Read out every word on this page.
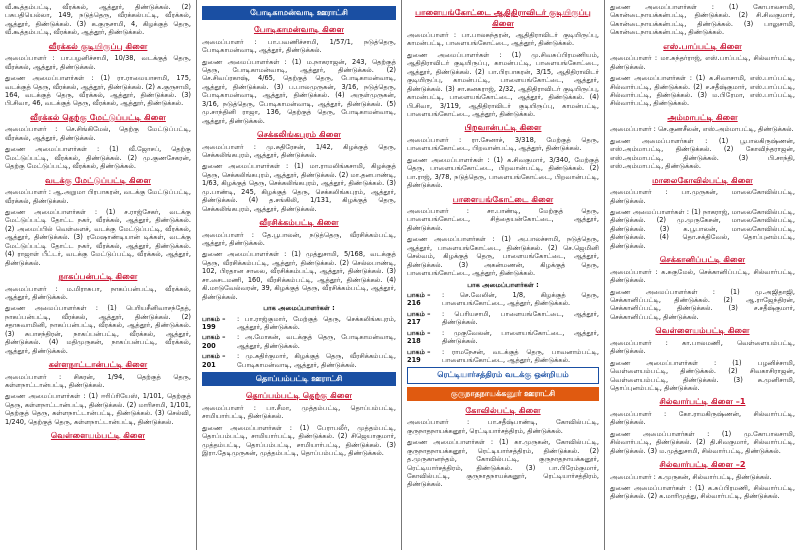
வீ.கூத்தம்பட்டி, வீரக்கல், ஆத்தூர், திண்டுக்கல். (2) பசுபதியெல்லா, 149, நடுத்தெரு, வீரக்கல்பட்டி, வீரக்கல், ஆத்தூர், திண்டுக்கல். (3) க.குருசாமி, 4, கிழக்குத் தெரு, வீ.கூத்தம்பட்டி, வீரக்கல், ஆத்தூர், திண்டுக்கல்.
வீரக்கல் குடியிருப்பு கிளை
அமைப்பாளர் : பா.பழனிச்சாமி, 10/38, வடக்குத் தெரு, வீரக்கல், ஆத்தூர், திண்டுக்கல்.
துணை அமைப்பாளர்கள் : (1) ரா.ராமையாசாமி, 175, வடக்குத் தெரு, வீரக்கல், ஆத்தூர், திண்டுக்கல். (2) க.குருசாமி, 164, வடக்குத் தெரு, வீரக்கல், ஆத்தூர், திண்டுக்கல். (3) பி.சிவா, 46, வடக்குத் தெரு, வீரக்கல், ஆத்தூர், திண்டுக்கல்.
வீரக்கல் தெற்கு மேட்டுப்பட்டி கிளை
அமைப்பாளர் : செ.சிங்கிமேல், தெற்கு மேட்டுப்பட்டி, வீரக்கல், ஆத்தூர், திண்டுக்கல்.
துணை அமைப்பாளர்கள் : (1) வீ.ஜோசப், தெற்கு மேட்டுப்பட்டி, வீரக்கல், திண்டுக்கல். (2) மு.குணசேகரன், தெற்கு மேட்டுப்பட்டி, வீரக்கல், திண்டுக்கல்.
வடக்கு மேட்டுப்பட்டி கிளை
அமைப்பாளர் : ஆ.அறுமா பிரபாகரன், வடக்கு மேட்டுப்பட்டி, வீரக்கல், திண்டுக்கல்.
துணை அமைப்பாளர்கள் : (1) ச.ராஜ்சேகர், வடக்கு மேட்டுப்பட்டி தோட்ட நகர், வீரக்கல், ஆத்தூர், திண்டுக்கல். (2) அமைப்பில் வெள்ளைச், வடக்கு மேட்டுப்பட்டி, வீரக்கல், ஆத்தூர், திண்டுக்கல். (3) ரமேஷாண்டியான் டிக்கள், வடக்கு மேட்டுப்பட்டி தோட்ட நகர், வீரக்கல், ஆத்தூர், திண்டுக்கல். (4) ராஜாள் பீட்டர், வடக்கு மேட்டுப்பட்டி, வீரக்கல், ஆத்தூர், திண்டுக்கல்.
நாகப்பன்பட்டி கிளை
அமைப்பாளர் : ம.மிராசுபா, நாகப்பன்பட்டி, வீரக்கல், ஆத்தூர், திண்டுக்கல்.
துணை அமைப்பாளர்கள் : (1) பெரியசீனிவாசந்தேத், நாகப்பன்பட்டி, வீரக்கல், ஆத்தூர், திண்டுக்கல். (2) சதாசுவாமினி, நாகப்பன்பட்டி, வீரக்கல், ஆத்தூர், திண்டுக்கல். (3) சுபாசந்திரன், நாகப்பன்பட்டி, வீரக்கல், ஆத்தூர், திண்டுக்கல். (4) மதிமுருகன், நாகப்பன்பட்டி, வீரக்கல், ஆத்தூர், திண்டுக்கல்.
கள்ளநாட்டான்பட்டி கிளை
அமைப்பாளர் : சிகரன், 1/94, தெற்குத் தெரு, கள்ளநாட்டான்பட்டி, திண்டுக்கல்.
துணை அமைப்பாளர்கள் : (1) ஈரிப்ரியேஸ், 1/101, தெற்குத் தெரு, கள்ளநாட்டான்பட்டி, திண்டுக்கல். (2) மாரிசாமி, 1/101, தெற்குத் தெரு, கள்ளநாட்டான்பட்டி, திண்டுக்கல். (3) செல்வி, 1/240, தெற்குத் தெரு, கள்ளநாட்டான்பட்டி, திண்டுக்கல்.
வெள்ளையம்பட்டி கிளை
போடிகாமன்வாடி ஊராட்சி
போடிகாமன்வாடி கிளை
அமைப்பாளர் : பா.பவணிச்சாமி, 1/57/1, நடுத்தெரு, போடிகாமன்வாடி, ஆத்தூர், திண்டுக்கல்.
துணை அமைப்பாளர்கள் : (1) ம.நாகராஜன், 243, தெற்குத் தெரு, போடிகாமன்வாடி, ஆத்தூர், திண்டுக்கல். (2) செ.சிவப்ரகாஷ், 4/65, தெற்குத் தெரு, போடிகாமன்வாடி, ஆத்தூர், திண்டுக்கல். (3) ப.பாலமுருகன், 3/16, நடுத்தெரு, போடிகாமன்வாடி, ஆத்தூர், திண்டுக்கல். (4) அருள்முருகன், 3/16, நடுத்தெரு, போடிகாமன்வாடி, ஆத்தூர், திண்டுக்கல். (5) மு.சாந்தினி ராஜா, 136, தெற்குத் தெரு, போடிகாமன்வாடி, ஆத்தூர், திண்டுக்கல்.
செக்கலிங்கபுரம் கிளை
அமைப்பாளர் : மு.சுதிரேசன், 1/42, கிழக்குத் தெரு, செக்கலிங்கபுரம், ஆத்தூர், திண்டுக்கல்.
துணை அமைப்பாளர்கள் : (1) மா.ராமலிங்கசாமி, கிழக்குத் தெரு, செக்கலிங்கபுரம், ஆத்தூர், திண்டுக்கல். (2) மா.தனபாண்டி, 1/63, கிழக்குத் தெரு, செக்கலிங்கபுரம், ஆத்தூர், திண்டுக்கல். (3) மு.பாண்டி, 245, கிழக்குத் தெரு, செக்கலிங்கபுரம், ஆத்தூர், திண்டுக்கல். (4) த.சங்கிலி, 1/131, கிழக்குத் தெரு, செக்கலிங்கபுரம், ஆத்தூர், திண்டுக்கல்.
வீரசிக்கம்பட்டி கிளை
அமைப்பாளர் : தே.பூபாலன், நடுத்தெரு, வீரசிக்கம்பட்டி, ஆத்தூர், திண்டுக்கல்.
துணை அமைப்பாளர்கள் : (1) முத்துசாமி, 5/168, வடக்குத் தெரு, வீரசிக்கம்பட்டி, ஆத்தூர், திண்டுக்கல். (2) செல்லபாண்டி, 102, பிரதான சாலை, வீரசிக்கம்பட்டி, ஆத்தூர், திண்டுக்கல். (3) சா.சைடமணி, 160, வீரசிக்கம்பட்டி, ஆத்தூர், திண்டுக்கல். (4) கி.மாடுவேல்வரன், 39, கிழக்குத் தெரு, வீரசிக்கம்பட்டி, ஆத்தூர், திண்டுக்கல்.
பாக அமைப்பாளர்கள் :
பாகம் – 199
: பா.ராஜ்குமார், மேற்குத் தெரு, செக்கலிங்கபுரம், ஆத்தூர், திண்டுக்கல்.
பாகம் – 200
: அ.மோகன், வடக்குத் தெரு, போடிகாமன்வாடி, ஆத்தூர், திண்டுக்கல்.
பாகம் – 201
: மு.சுதிர்குமார், கிழக்குத் தெரு, வீரசிக்கம்பட்டி, போடிகாமன்வாடி, ஆத்தூர், திண்டுக்கல்.
தொப்பம்பட்டி ஊராட்சி
தொப்பம்பட்டி தெற்கு கிளை
அமைப்பாளர் : பா.சீமா, முத்தம்பட்டி, தொப்பம்பட்டி, சாமியார்பட்டி, திண்டுக்கல்.
துணை அமைப்பாளர்கள் : (1) பேராபலீர், முத்தம்பட்டி, தொப்பம்பட்டி, சாமியார்பட்டி, திண்டுக்கல். (2) சிஜெயாகுமார், முத்தம்பட்டி, தொப்பம்பட்டி, சாமியார்பட்டி, திண்டுக்கல். (3) இரா.தேடிமுருகன், முத்தம்பட்டி, தொப்பம்பட்டி, திண்டுக்கல்.
பாளையங்கோட்டை ஆதிதிராவிடர் குடியிருப்பு கிளை
அமைப்பாளர் : பா.பாலசுந்தரன், ஆதிதிராவிடர் குடியிருப்பு, காமன்பட்டி, பாளையங்கோட்டை, ஆத்தூர், திண்டுக்கல்.
துணை அமைப்பாளர்கள் : (1) மு.சிவசுப்பிரமணியம், ஆதிதிராவிடர் குடியிருப்பு, காமன்பட்டி, பாளையங்கோட்டை, ஆத்தூர், திண்டுக்கல். (2) பா.பிரபாகரன், 3/15, ஆதிதிராவிடர் குடியிருப்பு, காமன்பட்டி, பாளையங்கோட்டை, ஆத்தூர், திண்டுக்கல். (3) சா.கனகராஜ், 2/32, ஆதிதிராவிடர் குடியிருப்பு, காமன்பட்டி, பாளையங்கோட்டை, ஆத்தூர், திண்டுக்கல். (4) பி.சிவா, 3/119, ஆதிதிராவிடர் குடியிருப்பு, காமன்பட்டி, பாளையங்கோட்டை, ஆத்தூர், திண்டுக்கல்.
பிறவான்பட்டி கிளை
அமைப்பாளர் : ரா.சேனாச், 3/318, மேற்குத் தெரு, பாளையங்கோட்டை, பிறவான்பட்டி, ஆத்தூர், திண்டுக்கல்.
துணை அமைப்பாளர்கள் : (1) க.சிவகுமார், 3/340, மேற்குத் தெரு, பாளையங்கோட்டை, பிறவான்பட்டி, திண்டுக்கல். (2) பா.ராஜ், 3/78, நடுத்தெரு, பாளையங்கோட்டை, பிறவான்பட்டி, திண்டுக்கல்.
பாளையங்கோட்டை கிளை
அமைப்பாளர் : சா.பாண்டி, மேற்குத் தெரு, பாளையங்கோட்டை, சித்தையன்கோட்டை, ஆத்தூர், திண்டுக்கல்.
துணை அமைப்பாளர்கள் : (1) அ.பாலச்சாமி, நடுத்தெரு, ஆத்தூர், பாளையங்கோட்டை, திண்டுக்கல். (2) செ.ஜெமினி செல்வம், கிழக்குத் தெரு, பாளையங்கோட்டை, ஆத்தூர், திண்டுக்கல். (3) அகன்மணன், கிழக்குத் தெரு, பாளையங்கோட்டை, ஆத்தூர், திண்டுக்கல்.
பாக அமைப்பாளர்கள் :
பாகம் – 216
: செ.வேலின், 1/8, கிழக்குத் தெரு, பாளையங்கோட்டை, ஆத்தூர், திண்டுக்கல்.
பாகம் – 217
: பெரியசாமி, பாளையங்கோட்டை, ஆத்தூர், திண்டுக்கல்.
பாகம் – 218
: முகுவேலன், பாளையங்கோட்டை, ஆத்தூர், திண்டுக்கல்.
பாகம் – 219
: ராமநேசன், வடக்குத் தெரு, பாவனாம்பட்டி, பாளையங்கோட்டை, ஆத்தூர், திண்டுக்கல்.
ரெட்டியார்சத்திரம் வடக்கு ஒன்றியம்
குருநாதநாயக்கனூர் ஊராட்சி
கோவில்பட்டி கிளை
அமைப்பாளர் : பா.சதீஷ்பாண்டி, கோவில்பட்டி, குருநாதநாயக்கனூர், ரெட்டியார்சத்திரம், திண்டுக்கல்.
துணை அமைப்பாளர்கள் : (1) கா.முருகன், கோவில்பட்டி, குருநாதநாயக்கனூர், ரெட்டியார்சத்திரம், திண்டுக்கல். (2) த.முருகானந்தம், கோவில்பட்டி, குருநாதநாயக்கனூர், ரெட்டியார்சத்திரம், திண்டுக்கல். (3) பா.பிரேம்குமார், கோவில்பட்டி, குருநாதநாயக்கனூர், ரெட்டியார்சத்திரம், திண்டுக்கல்.
துணை அமைப்பாளர்கள் : (1) கோபாலசாமி, கொன்டைநாயக்கன்பட்டி, திண்டுக்கல். (2) சி.சிவகுமார், கொன்டைநாயக்கன்பட்டி, திண்டுக்கல். (3) பாலுசாமி, கொன்டைநாயக்கன்பட்டி, திண்டுக்கல்.
எஸ்.பாப்பட்டி கிளை
அமைப்பாளர் : மா.சுந்தர்ராஜ், எஸ்.பாப்பட்டி, சில்வார்பட்டி, திண்டுக்கல்.
துணை அமைப்பாளர்கள் : (1) க.சிவாசாமி, எஸ்.பாப்பட்டி, சில்வார்பட்டி, திண்டுக்கல். (2) ச.சதீஷ்குமார், எஸ்.பாப்பட்டி, சில்வார்பட்டி, திண்டுக்கல். (3) ம.பிரேமா, எஸ்.பாப்பட்டி, சில்வார்பட்டி, திண்டுக்கல்.
அம்மாபட்டி கிளை
அமைப்பாளர் : செ.குணசீலன், எஸ்.அம்மாபட்டி, திண்டுக்கல்.
துணை அமைப்பாளர்கள் : (1) பூபாலகிருஷ்ணன், எஸ்.அம்மாபட்டி, திண்டுக்கல். (2) கோவிந்தராஜன், எஸ்.அம்மாபட்டி, திண்டுக்கல். (3) பி.சாந்தி, எஸ்.அம்மாபட்டி, திண்டுக்கல்.
மாலைகோவில்பட்டி கிளை
அமைப்பாளர் : பா.முருகன், மாலைகோவில்பட்டி, திண்டுக்கல்.
துணை அமைப்பாளர்கள் : (1) நாகராஜ், மாலைகோவில்பட்டி, திண்டுக்கல். (2) மு.முருகேசன், மாலைகோவில்பட்டி, திண்டுக்கல். (3) க.பூபாலன், மாலைகோவில்பட்டி, திண்டுக்கல். (4) தொ.சக்திவேல், தொப்புனம்பட்டி, திண்டுக்கல்.
செக்கானிப்பட்டி கிளை
அமைப்பாளர் : க.சுகுமேல், செக்கானிப்பட்டி, சில்வார்பட்டி, திண்டுக்கல்.
துணை அமைப்பாளர்கள் : (1) மு.அஜிதாஜி, செக்கானிப்பட்டி, திண்டுக்கல். (2) ஆ.ராஜேந்திரன், செக்கானிப்பட்டி, திண்டுக்கல். (3) ச.சதீஷ்குமார், செக்கானிப்பட்டி, திண்டுக்கல்.
வெள்ளையம்பட்டி கிளை
அமைப்பாளர் : கா.பாலமணி, வெள்ளையம்பட்டி, திண்டுக்கல்.
துணை அமைப்பாளர்கள் : (1) பழனிச்சாமி, வெள்ளையம்பட்டி, திண்டுக்கல். (2) சிவகாசிராஜன், வெள்ளையம்பட்டி, திண்டுக்கல். (3) சு.முனிசாமி, தொப்புனம்பட்டி, திண்டுக்கல்.
சில்வார்பட்டி கிளை –1
அமைப்பாளர் : கோ.ராமகிருஷ்ணன், சில்வார்பட்டி, திண்டுக்கல்.
துணை அமைப்பாளர்கள் : (1) மு.கோபாலசாமி, சில்வார்பட்டி, திண்டுக்கல். (2) தி.சிவகுமார், சில்வார்பட்டி, திண்டுக்கல். (3) ம.முத்துசாமி, சில்வார்பட்டி, திண்டுக்கல்.
சில்வார்பட்டி கிளை –2
அமைப்பாளர் : க.முருகன், சில்வார்பட்டி, திண்டுக்கல்.
துணை அமைப்பாளர்கள் : (1) க.சுப்பிரமணி, சில்வார்பட்டி, திண்டுக்கல். (2) க.மாரிமுத்து, சில்வார்பட்டி, திண்டுக்கல்.
